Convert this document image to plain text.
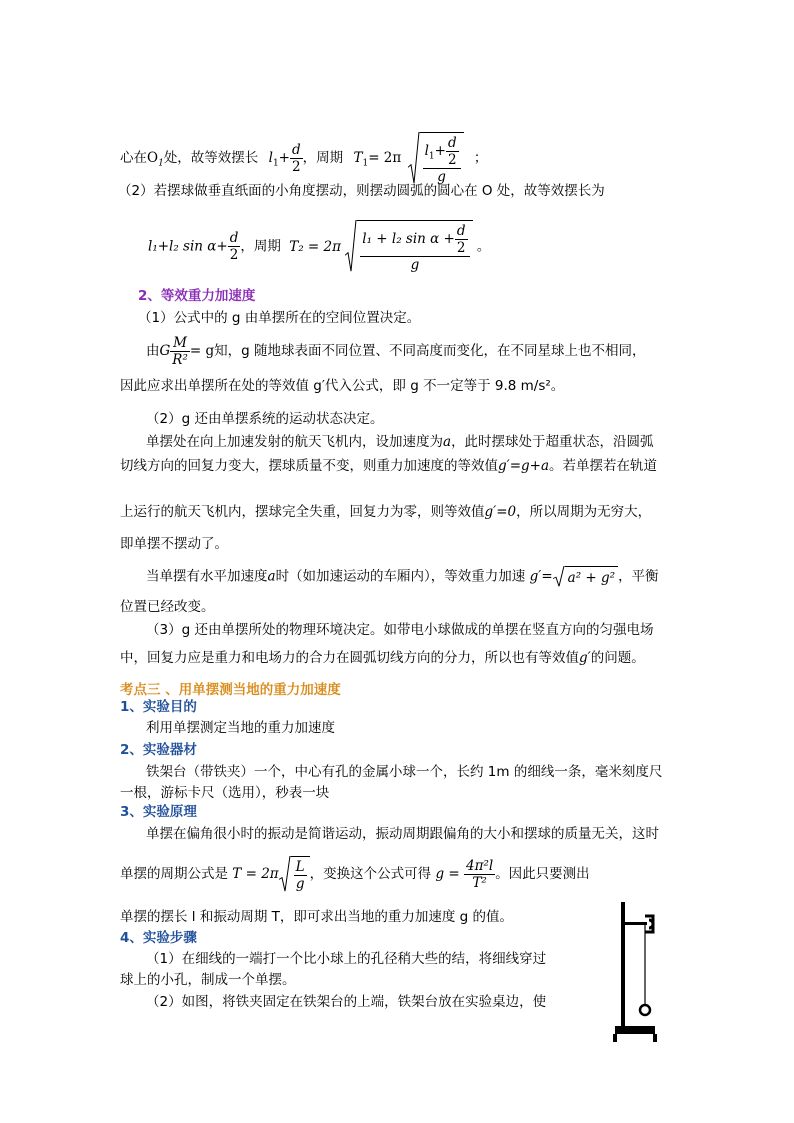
心在$O_1$处，故等效摆长 $l_1+ \frac{d}{2}$ ，周期 $T_1= 2\pi \frac{l_1+ \frac{d}{2}}{g}$ ；
（2）若摆球做垂直纸面的小角度摆动，则摆动圆弧的圆心在 O 处，故等效摆长为
l₁+l₂ $\sin \alpha+ \frac{d}{2}$ ，周期 $T_2 = 2\pi \frac{l_1 + l_2 \sin \alpha + \frac{d}{2}}{g}$ 。
2、等效重力加速度
（1）公式中的 g 由单摆所在的空间位置决定。
由G $\frac{M}{\text{R²}} = g$知，g 随地球表面不同位置、不同高度而变化，在不同星球上也不相同，
因此应求出单摆所在处的等效值 g′代入公式，即 g 不一定等于 9.8 m/s²。
（2）g 还由单摆系统的运动状态决定。
单摆处在向上加速发射的航天飞机内，设加速度为a，此时摆球处于超重状态，沿圆弧
切线方向的回复力变大，摆球质量不变，则重力加速度的等效值g′=g+a。若单摆若在轨道
上运行的航天飞机内，摆球完全失重，回复力为零，则等效值g′=0，所以周期为无穷大，
即单摆不摆动了。
当单摆有水平加速度a时（如加速运动的车厢内），等效重力加速 g′= a² + g² ，平衡
位置已经改变。
（3）g 还由单摆所处的物理环境决定。如带电小球做成的单摆在竖直方向的匀强电场
中，回复力应是重力和电场力的合力在圆弧切线方向的分力，所以也有等效值g′的问题。
考点三 、用单摆测当地的重力加速度
1、实验目的
利用单摆测定当地的重力加速度
2、实验器材
铁架台（带铁夹）一个，中心有孔的金属小球一个，长约 1m 的细线一条，毫米刻度尺
一根，游标卡尺（选用），秒表一块
3、实验原理
单摆在偏角很小时的振动是简谐运动，振动周期跟偏角的大小和摆球的质量无关，这时
单摆的周期公式是 $T = 2\pi \frac{L}{g}$ ，变换这个公式可得 $g = \frac{\text{4π²l}}{\text{T²}}$ 。因此只要测出
单摆的摆长 l 和振动周期 T，即可求出当地的重力加速度 g 的值。
4、实验步骤
（1）在细线的一端打一个比小球上的孔径稍大些的结，将细线穿过
球上的小孔，制成一个单摆。
（2）如图，将铁夹固定在铁架台的上端，铁架台放在实验桌边，使
